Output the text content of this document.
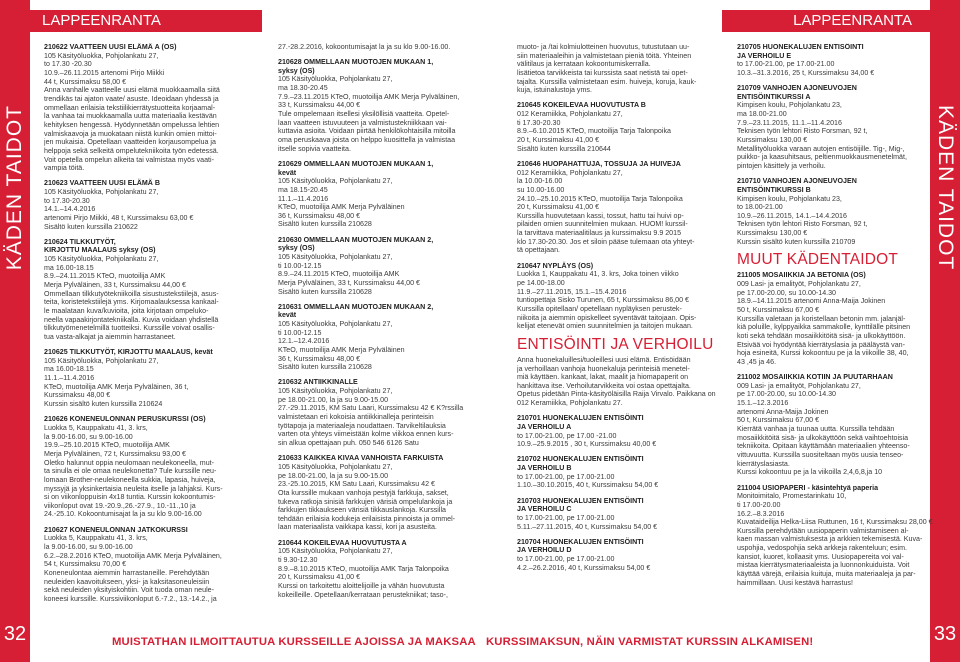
KÄDEN TAIDOT
32
KÄDEN TAIDOT
33
LAPPEENRANTA	LAPPEENRANTA
210622 VAATTEEN UUSI ELÄMÄ A (OS)
105 Käsityöluokka, Pohjolankatu 27,
to 17.30 -20.30
10.9.–26.11.2015 artenomi Pirjo Miikki
44 t, Kurssimaksu 58,00 €
Anna vanhalle vaatteelle uusi elämä muokkaamalla siitä
trendikäs tai ajaton vaate/ asuste. Ideoidaan yhdessä ja
ommellaan erilaisia tekstiilikierrätystuotteita korjaamal-
la vanhaa tai muokkaamalla uutta materiaalia kestävän
kehityksen hengessä. Hyödynnetään ompelussa lehtien
valmiskaavoja ja muokataan niistä kunkin omien mittoi-
jen mukaisia. Opetellaan vaatteiden korjausompelua ja
helppoja sekä selkeitä ompelutekniikoita työn edetessä.
Voit opetella ompelun alkeita tai valmistaa myös vaati-
vampia töitä.
210623 VAATTEEN UUSI ELÄMÄ B
105 Käsityöluokka, Pohjolankatu 27,
to 17.30-20.30
14.1.–14.4.2016
artenomi Pirjo Miikki, 48 t, Kurssimaksu 63,00 €
Sisältö kuten kurssilla 210622
210624 TILKKUTYÖT,
KIRJOTTU MAALAUS syksy (OS)
105 Käsityöluokka, Pohjolankatu 27,
ma 16.00-18.15
8.9.–24.11.2015 KTeO, muotoilija AMK
Merja Pylväläinen, 33 t, Kurssimaksu 44,00 €
Ommellaan tilkkutyötekniikoilla sisustustekstiilejä, asus-
teita, koristetekstiilejä yms. Kirjomaalauksessa kankaal-
le maalataan kuva/kuvioita, joita kirjotaan ompeluko-
neella vapaakirjontatekniikalla. Kuvia voidaan yhdistellä
tilkkutyömenetelmillä tuotteiksi. Kurssille voivat osallis-
tua vasta-alkajat ja aiemmin harrastaneet.
210625 TILKKUTYÖT, KIRJOTTU MAALAUS, kevät
105 Käsityöluokka, Pohjolankatu 27,
ma 16.00-18.15
11.1.–11.4.2016
KTeO, muotoilija AMK Merja Pylväläinen, 36 t,
Kurssimaksu 48,00 €
Kurssin sisältö kuten kurssilla 210624
210626 KONENEULONNAN PERUSKURSSI (OS)
Luokka 5, Kauppakatu 41, 3. krs,
la 9.00-16.00, su 9.00-16.00
19.9.–25.10.2015 KTeO, muotoilija AMK
Merja Pylväläinen, 72 t, Kurssimaksu 93,00 €
Oletko halunnut oppia neulomaan neulekoneella, mut-
ta sinulla ei ole omaa neulekonetta? Tule kurssille neu-
lomaan Brother-neulekoneella sukkia, lapasia, huiveja,
myssyjä ja yksinkertaisia neuleita itselle ja lahjaksi. Kurs-
si on viikonloppuisin 4x18 tuntia. Kurssin kokoontumis-
viikonloput ovat 19.-20.9.,26.-27.9., 10.-11.,10 ja
24.-25.10. Kokoontumisajat la ja su klo 9.00-16.00
210627 KONENEULONNAN JATKOKURSSI
Luokka 5, Kauppakatu 41, 3. krs,
la 9.00-16.00, su 9.00-16.00
6.2.–28.2.2016 KTeO, muotoilija AMK Merja Pylväläinen,
54 t, Kurssimaksu 70,00 €
Koneneulontaa aiemmin harrastaneille. Perehdytään
neuleiden kaavoitukseen, yksi- ja kaksitasoneuleisiin
sekä neuleiden yksityiskohtiin. Voit tuoda oman neule-
koneesi kurssille. Kurssiviikonloput 6.-7.2., 13.-14.2., ja
27.-28.2.2016, kokoontumisajat la ja su klo 9.00-16.00.
210628 OMMELLAAN MUOTOJEN MUKAAN 1,
syksy (OS)
105 Käsityöluokka, Pohjolankatu 27,
ma 18.30-20.45
7.9.–23.11.2015 KTeO, muotoilija AMK Merja Pylväläinen,
33 t, Kurssimaksu 44,00 €
Tule ompelemaan itsellesi yksilöllisiä vaatteita. Opetel-
laan vaatteen istuvuuteen ja valmistustekniikkaan vai-
kuttavia asioita. Voidaan piirtää henkilökohtaisilla mitoilla
oma peruskaava joista on helppo kuosittella ja valmistaa
itselle sopivia vaatteita.
210629 OMMELLAAN MUOTOJEN MUKAAN 1,
kevät
105 Käsityöluokka, Pohjolankatu 27,
ma 18.15-20.45
11.1.–11.4.2016
KTeO, muotoilija AMK Merja Pylväläinen
36 t, Kurssimaksu 48,00 €
Sisältö kuten kurssilla 210628
210630 OMMELLAAN MUOTOJEN MUKAAN 2,
syksy (OS)
105 Käsityöluokka, Pohjolankatu 27,
ti 10.00-12.15
8.9.–24.11.2015 KTeO, muotoilija AMK
Merja Pylväläinen, 33 t, Kurssimaksu 44,00 €
Sisältö kuten kurssilla 210628
210631 OMMELLAAN MUOTOJEN MUKAAN 2,
kevät
105 Käsityöluokka, Pohjolankatu 27,
ti 10.00-12.15
12.1.–12.4.2016
KTeO, muotoilija AMK Merja Pylväläinen
36 t, Kurssimaksu 48,00 €
Sisältö kuten kurssilla 210628
210632 ANTIIKKINALLE
105 Käsityöluokka, Pohjolankatu 27,
pe 18.00-21.00, la ja su 9.00-15.00
27.-29.11.2015, KM Satu Laari, Kurssimaksu 42 € K?rssilla
valmistetaan eri kokoisia antiikkinalleja perinteisin
työtapoja ja materiaaleja noudattaen. Tarvikeltilauksia
varten ota yhteys viimeistään kolme viikkoa ennen kurs-
sin alkua opettajaan puh. 050 546 6126 Satu
210633 KAIKKEA KIVAA VANHOISTA FARKUISTA
105 Käsityöluokka, Pohjolankatu 27,
pe 18.00-21.00, la ja su 9.00-15.00
23.-25.10.2015, KM Satu Laari, Kurssimaksu 42 €
Ota kurssille mukaan vanhoja pestyjä farkkuja, sakset,
tukeva ratkoja sinisiä farkkujen värisiä ompelulankoja ja
farkkujen tikkaukseen värisiä tikkauslankoja. Kurssilla
tehdään erilaisia kodukeja erilaisista pinnoista ja ommel-
laan materiaalista vaikkapa kassi, kori ja asusteita.
210644 KOKEILEVAA HUOVUTUSTA A
105 Käsityöluokka, Pohjolankatu 27,
ti 9.30-12.30
8.9.–8.10.2015 KTeO, muotoilija AMK Tarja Talonpoika
20 t, Kurssimaksu 41,00 €
Kurssi on tarkoitettu aloittelijoille ja vähän huovutusta
kokeilleille. Opetellaan/kerrataan perustekniikat; taso-,
muoto- ja /tai kolmiulotteinen huovutus, tutustutaan uu-
siin materiaaleihin ja valmistetaan pieniä töitä. Yhteinen
välitilaus ja kerrataan kokoontumiskerralla.
lisätietoa tarvikkeista tai kurssista saat netistä tai opet-
tajalta. Kurssilla valmistetaan esim. huiveja, koruja, kauk-
kuja, istuinalustoja yms.
210645 KOKEILEVAA HUOVUTUSTA B
012 Keramiikka, Pohjolankatu 27,
ti 17.30-20.30
8.9.–6.10.2015 KTeO, muotoilija Tarja Talonpoika
20 t, Kurssimaksu 41,00 €
Sisältö kuten kurssilla 210644
210646 HUOPAHATTUJA, TOSSUJA JA HUIVEJA
012 Keramiikka, Pohjolankatu 27,
la 10.00-16.00
su 10.00-16.00
24.10.–25.10.2015 KTeO, muotoilija Tarja Talonpoika
20 t, Kurssimaksu 41,00 €
Kurssilla huovutetaan kassi, tossut, hattu tai huivi op-
pilaiden omien suunnitelmien mukaan. HUOM! kurssil-
la tarvittava materiaalitilaus ja kurssimaksu 9.9 2015
klo 17.30-20.30. Jos et siloin pääse tulemaan ota yhteyt-
tä opettajaan.
210647 NYPLÄYS (OS)
Luokka 1, Kauppakatu 41, 3. krs, Joka toinen viikko
pe 14.00-18.00
11.9.–27.11.2015, 15.1.–15.4.2016
tuntiopettaja Sisko Turunen, 65 t, Kurssimaksu 86,00 €
Kurssilla opitellaan/ opetellaan nypläyksen perustek-
niikoita ja aiemmin opiskelleet syventävät taitojaan. Opis-
kelijat etenevät omien suunnitelmien ja taitojen mukaan.
ENTISÖINTI JA VERHOILU
Anna huonekaluillesi/tuoleillesi uusi elämä. Entisöidään
ja verhoillaan vanhoja huonekaluja perinteisiä menetel-
miä käyttäen. kankaat, lakat, maalit ja hiomapaperit on
hankittava itse. Verhoilutarvikkeita voi ostaa opettajalta.
Opetus pidetään Pinta-käsityöläisilla Raija Virvalo. Paikkana on
012 Keramiikka, Pohjolankatu 27.
210701 HUONEKALUJEN ENTISÖINTI
JA VERHOILU A
to 17.00-21.00, pe 17.00 -21.00
10.9.–25.9.2015 , 30 t, Kurssimaksu 40,00 €
210702 HUONEKALUJEN ENTISÖINTI
JA VERHOILU B
to 17.00-21.00, pe 17.00-21.00
1.10.–30.10.2015, 40 t, Kurssimaksu 54,00 €
210703 HUONEKALUJEN ENTISÖINTI
JA VERHOILU C
to 17.00-21.00, pe 17.00-21.00
5.11.–27.11.2015, 40 t, Kurssimaksu 54,00 €
210704 HUONEKALUJEN ENTISÖINTI
JA VERHOILU D
to 17.00-21.00, pe 17.00-21.00
4.2.–26.2.2016, 40 t, Kurssimaksu 54,00 €
210705 HUONEKALUJEN ENTISÖINTI
JA VERHOILU E
to 17.00-21.00, pe 17.00-21.00
10.3.–31.3.2016, 25 t, Kurssimaksu 34,00 €
210709 VANHOJEN AJONEUVOJEN
ENTISÖINTIKURSSI A
Kimpisen koulu, Pohjolankatu 23,
ma 18.00-21.00
7.9.–23.11.2015, 11.1.–11.4.2016
Teknisen työn lehtori Risto Forsman, 92 t,
Kurssimaksu 130,00 €
Metallityöluokka varaan autojen entisöijille. Tig-, Mig-,
puikko- ja kaasuhitsaus, peltienmuokkausmenetelmät,
pintojen käsittely ja verhoilu.
210710 VANHOJEN AJONEUVOJEN
ENTISÖINTIKURSSI B
Kimpisen koulu, Pohjolankatu 23,
to 18.00-21.00
10.9.–26.11.2015, 14.1.–14.4.2016
Teknisen työn lehtori Risto Forsman, 92 t,
Kurssimaksu 130,00 €
Kurssin sisältö kuten kurssilla 210709
MUUT KÄDENTAIDOT
211005 MOSAIIKKIA JA BETONIA (OS)
009 Lasi- ja emalityöt, Pohjolankatu 27,
pe 17.00-20.00, su 10.00-14.30
18.9.–14.11.2015 artenomi Anna-Maija Jokinen
50 t, Kurssimaksu 67,00 €
Kurssilla valetaan ja koristellaan betonin mm. jalanjäl-
kiä poluille, kylppyaikka sammakolle, kynttilälle pitsinen
koti sekä tehdään mosaiikkitöitä sisä- ja ulkokäyttöön.
Etsivää voi hyödyntää kierrätyslasia ja pääläystä van-
hoja esineitä, Kurssi kokoontuu pe ja la viikoille 38, 40,
43 ,45 ja 46.
211002 MOSAIIKKIA KOTIIN JA PUUTARHAAN
009 Lasi- ja emalityöt, Pohjolankatu 27,
pe 17.00-20.00, su 10.00-14.30
15.1.–12.3.2016
artenomi Anna-Maija Jokinen
50 t, Kurssimaksu 67,00 €
Kierrätä vanhaa ja tuunaa uutta. Kurssilla tehdään
mosaiikkitöitä sisä- ja ulkokäyttöön sekä vaihtoehtoisia
tekniikoita. Opitaan käyttämään materiaalien yhteenso-
vittuvuutta. Kurssilla suositeltaan myös uusia tenseo-
kierrätyslasiasta.
Kurssi kokoontuu pe ja la viikoilla 2,4,6,8,ja 10
211004 USIOPAPERI - käsintehtyä paperia
Monitoimitalo, Promestarinkatu 10,
ti 17.00-20.00
16.2.–8.3.2016
Kuvataideilija Helka-Liisa Ruttunen, 16 t, Kurssimaksu 28,00 €
Kurssilla perehdytään uusiopaperin valmistamiseen al-
kaen massan valmistuksesta ja arkkien tekemisestä. Kuva-
uspohjia, vedospohjia sekä arkkeja rakenteluun; esim.
kansiot, kuoret, kollaasit yms. Uusiopapereita voi val-
mistaa kierrätysmateriaaleista ja luonnonkuiduista. Voit
käyttää värejä, erilaisia kuituja, muita materiaaleja ja par-
haimmillaan. Uusi kestävä harrastus!
MUISTATHAN ILMOITTAUTUA KURSSEILLE AJOISSA JA MAKSAA KURSSIMAKSUN, NÄIN VARMISTAT KURSSIN ALKAMISEN!
